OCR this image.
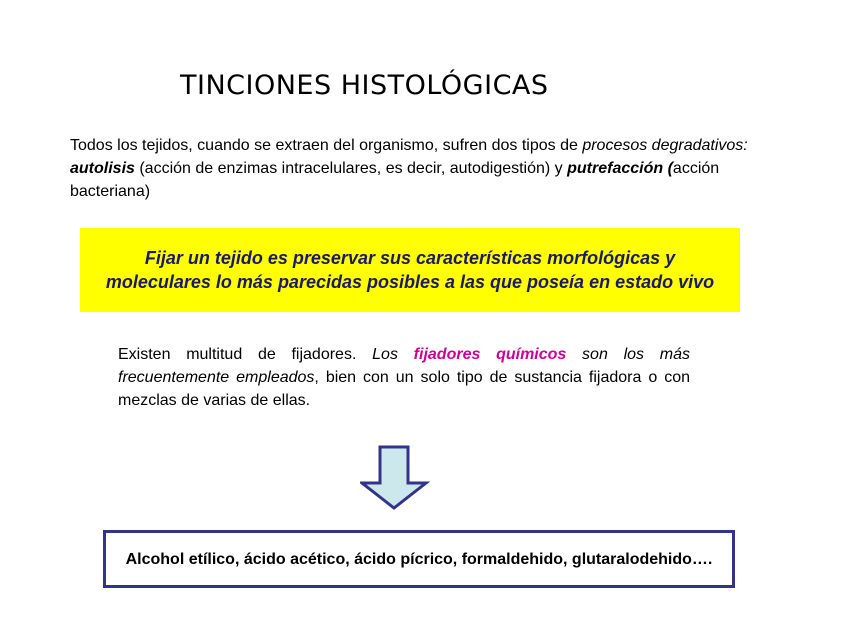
TINCIONES HISTOLÓGICAS

Todos los tejidos, cuando se extraen del organismo, sufren dos tipos de procesos degradativos: autolisis (acción de enzimas intracelulares, es decir, autodigestión) y putrefacción (acción bacteriana)

Fijar un tejido es preservar sus características morfológicas y moleculares lo más parecidas posibles a las que poseía en estado vivo

Existen multitud de fijadores. Los fijadores químicos son los más frecuentemente empleados, bien con un solo tipo de sustancia fijadora o con mezclas de varias de ellas.

Alcohol etílico, ácido acético, ácido pícrico, formaldehido, glutaralodehido….
